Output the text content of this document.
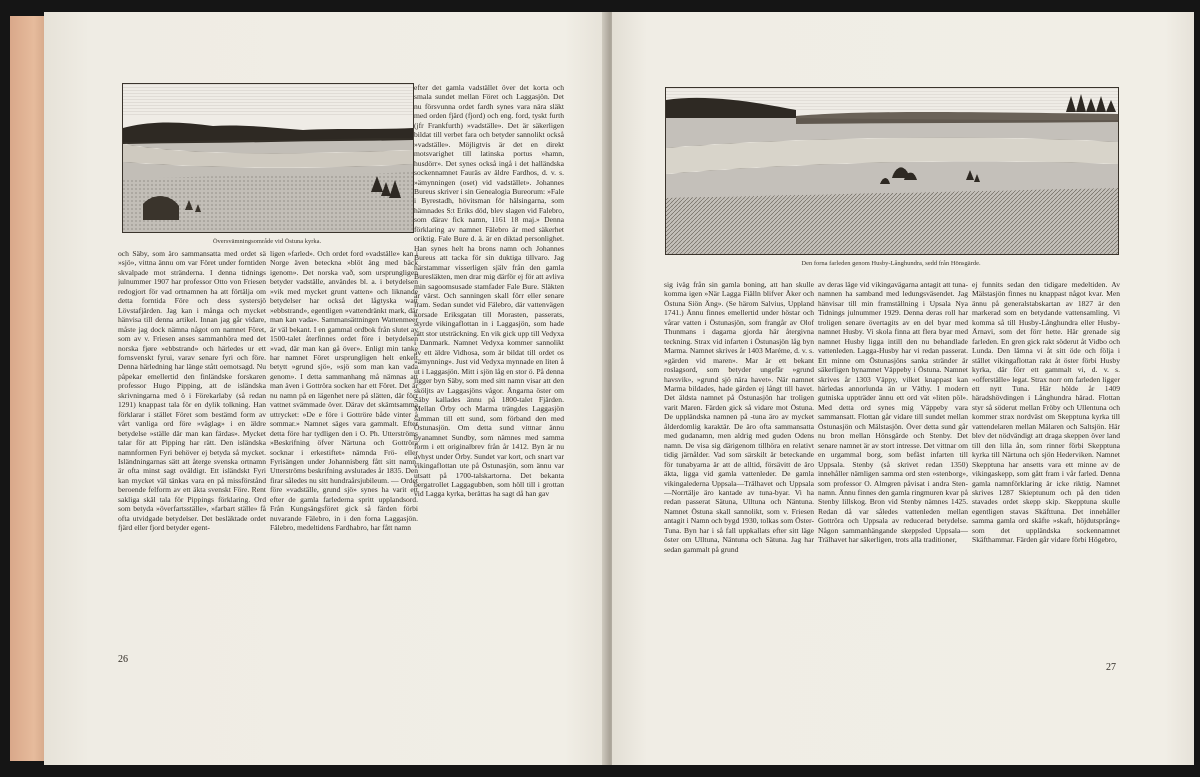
Översvämningsområde vid Östuna kyrka.
och Säby, som äro sammansatta med ordet sä »sjö», vittna ännu om var Föret under forntiden skvalpade mot stränderna. I denna tidnings julnummer 1907 har professor Otto von Friesen redogjort för vad ortnamnen ha att förtälja om detta forntida Före och dess systersjö Lövstafjärden. Jag kan i många och mycket hänvisa till denna artikel. Innan jag går vidare, måste jag dock nämna något om namnet Föret, som av v. Friesen anses sammanhöra med det norska fjøre »ebbstrand» och härledes ur ett fornsvenskt fyrui, varav senare fyri och före. Denna härledning har länge stått oemotsagd. Nu påpekar emellertid den finländske forskaren professor Hugo Pipping, att de isländska skrivningarna med ö i Förekarlaby (så redan 1291) knappast tala för en dylik tolkning. Han förklarar i stället Föret som bestämd form av vårt vanliga ord före »väglag» i en äldre betydelse »ställe där man kan färdas». Mycket talar för att Pipping har rätt. Den isländska namnformen Fyri behöver ej betyda så mycket. Isländningarnas sätt att återge svenska ortnamn är ofta minst sagt oväldigt. Ett isländskt Fyri kan mycket väl tänkas vara en på missförstånd beroende felform av ett äkta svenskt Före. Rent sakliga skäl tala för Pippings förklaring. Ord som betyda »överfartsställe», »farbart ställe» få ofta utvidgade betydelser. Det besläktade ordet fjärd eller fjord betyder egent-
ligen »farled». Och ordet ford »vadställe» kan i Norge även beteckna »blöt äng med bäck igenom». Det norska vað, som ursprungligen betyder vadställe, användes bl. a. i betydelsen »vik med mycket grunt vatten» och liknande betydelser har också det lågtyska watt »ebbstrand», egentligen »vattendränkt mark, där man kan vada». Sammansättningen Wattenmeer är väl bekant. I en gammal ordbok från slutet av 1500-talet återfinnes ordet före i betydelsen »vad, där man kan gå över». Enligt min tanke har namnet Föret ursprungligen helt enkelt betytt »grund sjö», »sjö som man kan vada genom». I detta sammanhang må nämnas att man även i Gottröra socken har ett Föret. Det är nu namn på en lägenhet nere på slätten, där förr vattnet svämmade över. Därav det skämtsamma uttrycket: »De e före i Gottröre både vinter å sommar.» Namnet säges vara gammalt. Efter detta före har tydligen den i O. Ph. Utterströms »Beskrifning öfver Närtuna och Gottröra socknar i erkestiftet» nämnda Frö- eller Fyrisängen under Johannisberg fått sitt namn. Utterströms beskrifning avslutades år 1835. Den firar således nu sitt hundraårsjubileum. — Ordet före »vadställe, grund sjö» synes ha varit ett efter de gamla farlederna spritt upplandsord. Från Kungsängsföret gick så färden förbi nuvarande Fälebro, in i den forna Laggasjön. Fälebro, medeltidens Fardhabro, har fått namn
efter det gamla vadstället över det korta och smala sundet mellan Föret och Laggasjön. Det nu försvunna ordet fardh synes vara nära släkt med orden fjärd (fjord) och eng. ford, tyskt furth (jfr Frankfurth) »vadställe». Det är säkerligen bildat till verbet fara och betyder sannolikt också »vadställe». Möjligtvis är det en direkt motsvarighet till latinska portus »hamn, husdörr». Det synes också ingå i det halländska sockennamnet Fauräs av äldre Fardhos, d. v. s. »ämynningen (oset) vid vadstället». Johannes Bureus skriver i sin Genealogia Bureorum: »Fale i Byrestadh, hövitsman för hälsingarna, som hämnades S:t Eriks död, blev slagen vid Falebro, som därav fick namn, 1161 18 maj.» Denna förklaring av namnet Fälebro är med säkerhet oriktig. Fale Bure d. ä. är en diktad personlighet. Han synes helt ha brons namn och Johannes Bureus att tacka för sin duktiga tillvaro. Jag härstammar visserligen själv från den gamla Buresläkten, men drar mig därför ej för att avliva min sagoomsusade stamfader Fale Bure. Släkten är värst. Och sanningen skall förr eller senare fram. Sedan sundet vid Fälebro, där vattenvägen korsade Eriksgatan till Morasten, passerats, styrde vikingaflottan in i Laggasjön, som hade rätt stor utsträckning. En vik gick upp till Vedyxa i Danmark. Namnet Vedyxa kommer sannolikt av ett äldre Vidhosa, som är bildat till ordet os »ämynning». Just vid Vedyxa mynnade en liten å ut i Laggasjön. Mitt i sjön låg en stor ö. På denna ligger byn Säby, som med sitt namn visar att den sköljts av Laggasjöns vågor. Ängarna öster om Säby kallades ännu på 1800-talet Fjärden. Mellan Örby och Marma trängdes Laggasjön samman till ett sund, som förband den med Östunasjön. Om detta sund vittnar ännu byanamnet Sundby, som nämnes med samma form i ett originalbrev från år 1412. Byn är nu avhyst under Örby. Sundet var kort, och snart var vikingaflottan ute på Östunasjön, som ännu var utsatt på 1700-talskartorna. Det bekanta bergatrollet Laggagubben, som höll till i grottan vid Lagga kyrka, berättas ha sagt då han gav
26
Den forna farleden genom Husby-Långhundra, sedd från Hönsgärde.
sig iväg från sin gamla boning, att han skulle komma igen »När Lagga Fiälln blifver Åker och Östuna Siön Äng». (Se härom Salvius, Uppland 1741.) Ännu finnes emellertid under höstar och vårar vatten i Östunasjön, som frangår av Olof Thunmans i dagarna gjorda här återgivna teckning. Strax vid infarten i Östunasjön låg byn Marma. Namnet skrives år 1403 Maréme, d. v. s. »gärden vid maren». Mar är ett bekant roslagsord, som betyder ungefär »grund havsvik», »grund sjö nära havet». När namnet Marma bildades, hade gärden ej långt till havet. Det äldsta namnet på Östunasjön har troligen varit Maren. Färden gick så vidare mot Östuna. De uppländska namnen på -tuna äro av mycket ålderdomlig karaktär. De äro ofta sammansatta med gudanamn, men aldrig med guden Odens namn. De visa sig därigenom tillhöra en relativt tidig järnålder. Vad som särskilt är beteckande för tunabyarna är att de alltid, försävitt de äro äkta, ligga vid gamla vattenleder. De gamla vikingalederna Uppsala—Trälhavet och Uppsala—Norrtälje äro kantade av tuna-byar. Vi ha redan passerat Sätuna, Ulltuna och Näntuna. Namnet Östuna skall sannolikt, som v. Friesen antagit i Namn och bygd 1930, tolkas som Öster-Tuna. Byn har i så fall uppkallats efter sitt läge öster om Ulltuna, Näntuna och Sätuna. Jag har sedan gammalt på grund
av deras läge vid vikingavägarna antagit att tuna-namnen ha samband med ledungsväsendet. Jag hänvisar till min framställning i Upsala Nya Tidnings julnummer 1929. Denna deras roll har troligen senare övertagits av en del byar med namnet Husby. Vi skola finna att flera byar med namnet Husby ligga intill den nu behandlade vattenleden. Lagga-Husby har vi redan passerat. Ett minne om Östunasjöns sanka stränder är säkerligen bynamnet Väppeby i Östuna. Namnet skrives år 1303 Väppy, vilket knappast kan härledas annorlunda än ur Väthy. I modern gutniska uppträder ännu ett ord vät »liten pöl». Med detta ord synes mig Väppeby vara sammansatt. Flottan går vidare till sundet mellan Östunasjön och Mälstasjön. Över detta sund går nu bron mellan Hönsgärde och Stenby. Det senare namnet är av stort intresse. Det vittnar om en urgammal borg, som befäst infarten till Uppsala. Stenby (så skrivet redan 1350) innehåller nämligen samma ord sten »stenborg», som professor O. Almgren påvisat i andra Sten-namn. Ännu finnes den gamla ringmuren kvar på Stenby lillskog. Bron vid Stenby nämnes 1425. Redan då var således vattenleden mellan Gottröra och Uppsala av reducerad betydelse. Någon sammanhängande skeppsled Uppsala—Trälhavet har säkerligen, trots alla traditioner,
ej funnits sedan den tidigare medeltiden. Av Mälstasjön finnes nu knappast något kvar. Men ännu på generalstabskartan av 1827 är den markerad som en betydande vattensamling. Vi komma så till Husby-Långhundra eller Husby-Ärnavi, som det förr hette. Här grenade sig farleden. En gren gick rakt söderut åt Vidbo och Lunda. Den lämna vi åt sitt öde och följa i stället vikingaflottan rakt åt öster förbi Husby kyrka, där förr ett gammalt vi, d. v. s. »offerställe» legat. Strax norr om farleden ligger ett nytt Tuna. Här hölde år 1409 häradshövdingen i Långhundra härad. Flottan styr så söderut mellan Fröby och Ullentuna och kommer strax nordväst om Skepptuna kyrka till vattendelaren mellan Mälaren och Saltsjön. Här blev det nödvändigt att draga skeppen över land till den lilla ån, som rinner förbi Skepptuna kyrka till Närtuna och sjön Hederviken. Namnet Skepptuna har ansetts vara ett minne av de vikingaskepp, som gått fram i vår farled. Denna gamla namnförklaring är icke riktig. Namnet skrives 1287 Skieptunum och på den tiden stavades ordet skepp skip. Skepptuna skulle egentligen stavas Skäfttuna. Det innehåller samma gamla ord skäfte »skaft, höjdutsprång» som det uppländska sockennamnet Skäfthammar. Färden går vidare förbi Högebro,
27
